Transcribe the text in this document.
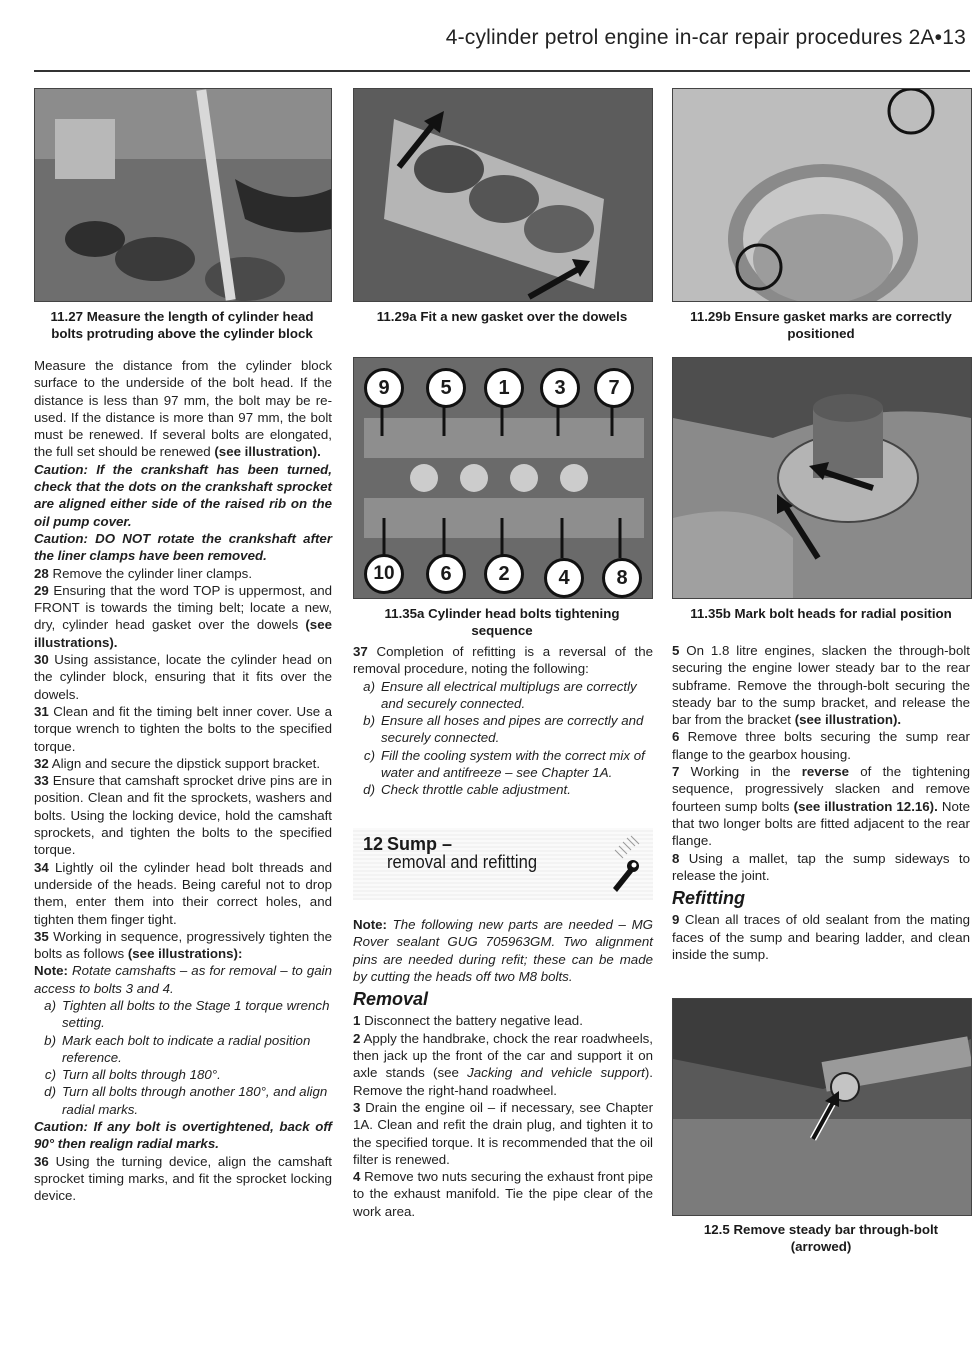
4-cylinder petrol engine in-car repair procedures 2A•13
11.27 Measure the length of cylinder head bolts protruding above the cylinder block
11.29a Fit a new gasket over the dowels	11.29b Ensure gasket marks are correctly positioned
9	5	1	3	7
10	6	2	4	8
11.35a Cylinder head bolts tightening sequence
11.35b Mark bolt heads for radial position
12.5 Remove steady bar through-bolt (arrowed)

Measure the distance from the cylinder block surface to the underside of the bolt head. If the distance is less than 97 mm, the bolt may be re-used. If the distance is more than 97 mm, the bolt must be renewed. If several bolts are elongated, the full set should be renewed (see illustration).

Caution: If the crankshaft has been turned, check that the dots on the crankshaft sprocket are aligned either side of the raised rib on the oil pump cover.

Caution: DO NOT rotate the crankshaft after the liner clamps have been removed.

28 Remove the cylinder liner clamps.

29 Ensuring that the word TOP is uppermost, and FRONT is towards the timing belt; locate a new, dry, cylinder head gasket over the dowels (see illustrations).

30 Using assistance, locate the cylinder head on the cylinder block, ensuring that it fits over the dowels.

31 Clean and fit the timing belt inner cover. Use a torque wrench to tighten the bolts to the specified torque.

32 Align and secure the dipstick support bracket.

33 Ensure that camshaft sprocket drive pins are in position. Clean and fit the sprockets, washers and bolts. Using the locking device, hold the camshaft sprockets, and tighten the bolts to the specified torque.

34 Lightly oil the cylinder head bolt threads and underside of the heads. Being careful not to drop them, enter them into their correct holes, and tighten them finger tight.

35 Working in sequence, progressively tighten the bolts as follows (see illustrations):

Note: Rotate camshafts – as for removal – to gain access to bolts 3 and 4.

a) Tighten all bolts to the Stage 1 torque wrench setting.
b) Mark each bolt to indicate a radial position reference.
c) Turn all bolts through 180°.
d) Turn all bolts through another 180°, and align radial marks.

Caution: If any bolt is overtightened, back off 90° then realign radial marks.

36 Using the turning device, align the camshaft sprocket timing marks, and fit the sprocket locking device.

37 Completion of refitting is a reversal of the removal procedure, noting the following:

a) Ensure all electrical multiplugs are correctly and securely connected.
b) Ensure all hoses and pipes are correctly and securely connected.
c) Fill the cooling system with the correct mix of water and antifreeze – see Chapter 1A.
d) Check throttle cable adjustment.
12 Sump –
removal and refitting

Note: The following new parts are needed – MG Rover sealant GUG 705963GM. Two alignment pins are needed during refit; these can be made by cutting the heads off two M8 bolts.

Removal

1 Disconnect the battery negative lead.

2 Apply the handbrake, chock the rear roadwheels, then jack up the front of the car and support it on axle stands (see Jacking and vehicle support). Remove the right-hand roadwheel.

3 Drain the engine oil – if necessary, see Chapter 1A. Clean and refit the drain plug, and tighten it to the specified torque. It is recommended that the oil filter is renewed.

4 Remove two nuts securing the exhaust front pipe to the exhaust manifold. Tie the pipe clear of the work area.

5 On 1.8 litre engines, slacken the through-bolt securing the engine lower steady bar to the rear subframe. Remove the through-bolt securing the steady bar to the sump bracket, and release the bar from the bracket (see illustration).

6 Remove three bolts securing the sump rear flange to the gearbox housing.

7 Working in the reverse of the tightening sequence, progressively slacken and remove fourteen sump bolts (see illustration 12.16). Note that two longer bolts are fitted adjacent to the rear flange.

8 Using a mallet, tap the sump sideways to release the joint.

Refitting

9 Clean all traces of old sealant from the mating faces of the sump and bearing ladder, and clean inside the sump.
